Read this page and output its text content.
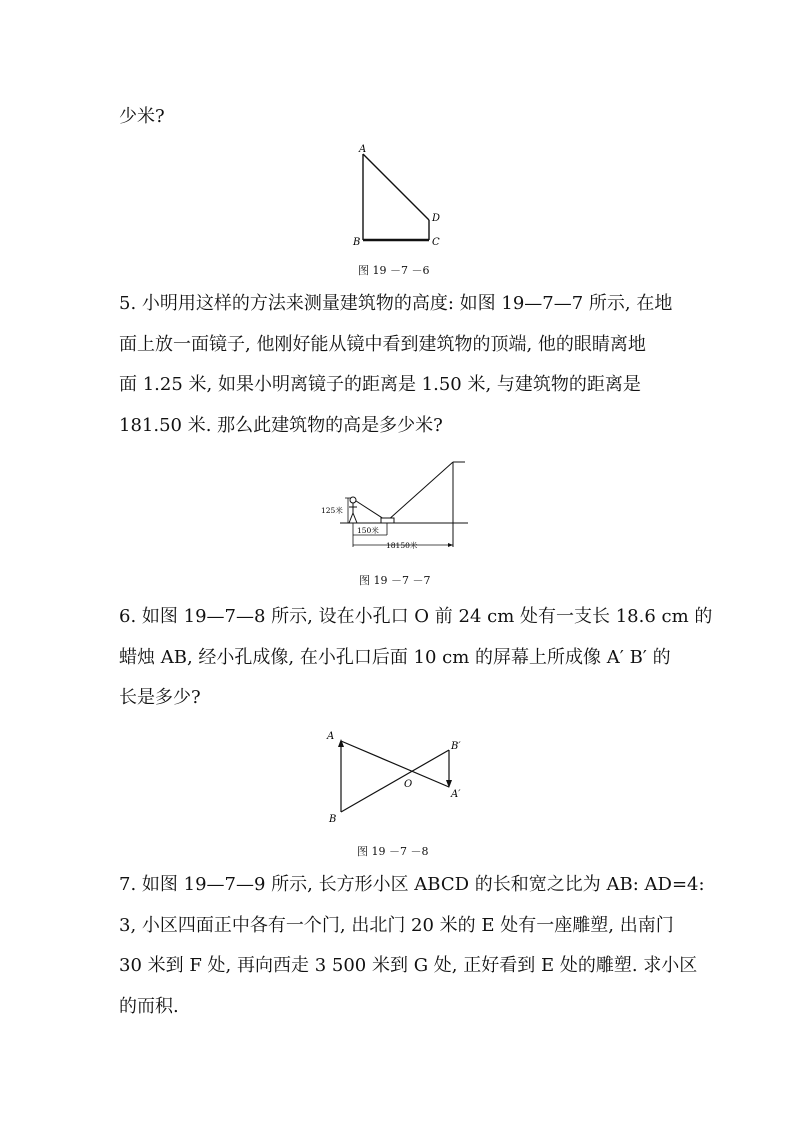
少米?

A
B	C
D
图 19 －7 －6

5. 小明用这样的方法来测量建筑物的高度: 如图 19—7—7 所示, 在地
面上放一面镜子, 他刚好能从镜中看到建筑物的顶端, 他的眼睛离地
面 1.25 米, 如果小明离镜子的距离是 1.50 米, 与建筑物的距离是
181.50 米. 那么此建筑物的高是多少米?

125米
150米
18150米
图 19 －7 －7

6. 如图 19—7—8 所示, 设在小孔口 O 前 24 cm 处有一支长 18.6 cm 的
蜡烛 AB, 经小孔成像, 在小孔口后面 10 cm 的屏幕上所成像 A′ B′ 的
长是多少?

A
B
O
A′
B′
图 19 －7 －8

7. 如图 19—7—9 所示, 长方形小区 ABCD 的长和宽之比为 AB: AD=4:
3, 小区四面正中各有一个门, 出北门 20 米的 E 处有一座雕塑, 出南门
30 米到 F 处, 再向西走 3 500 米到 G 处, 正好看到 E 处的雕塑. 求小区
的而积.
